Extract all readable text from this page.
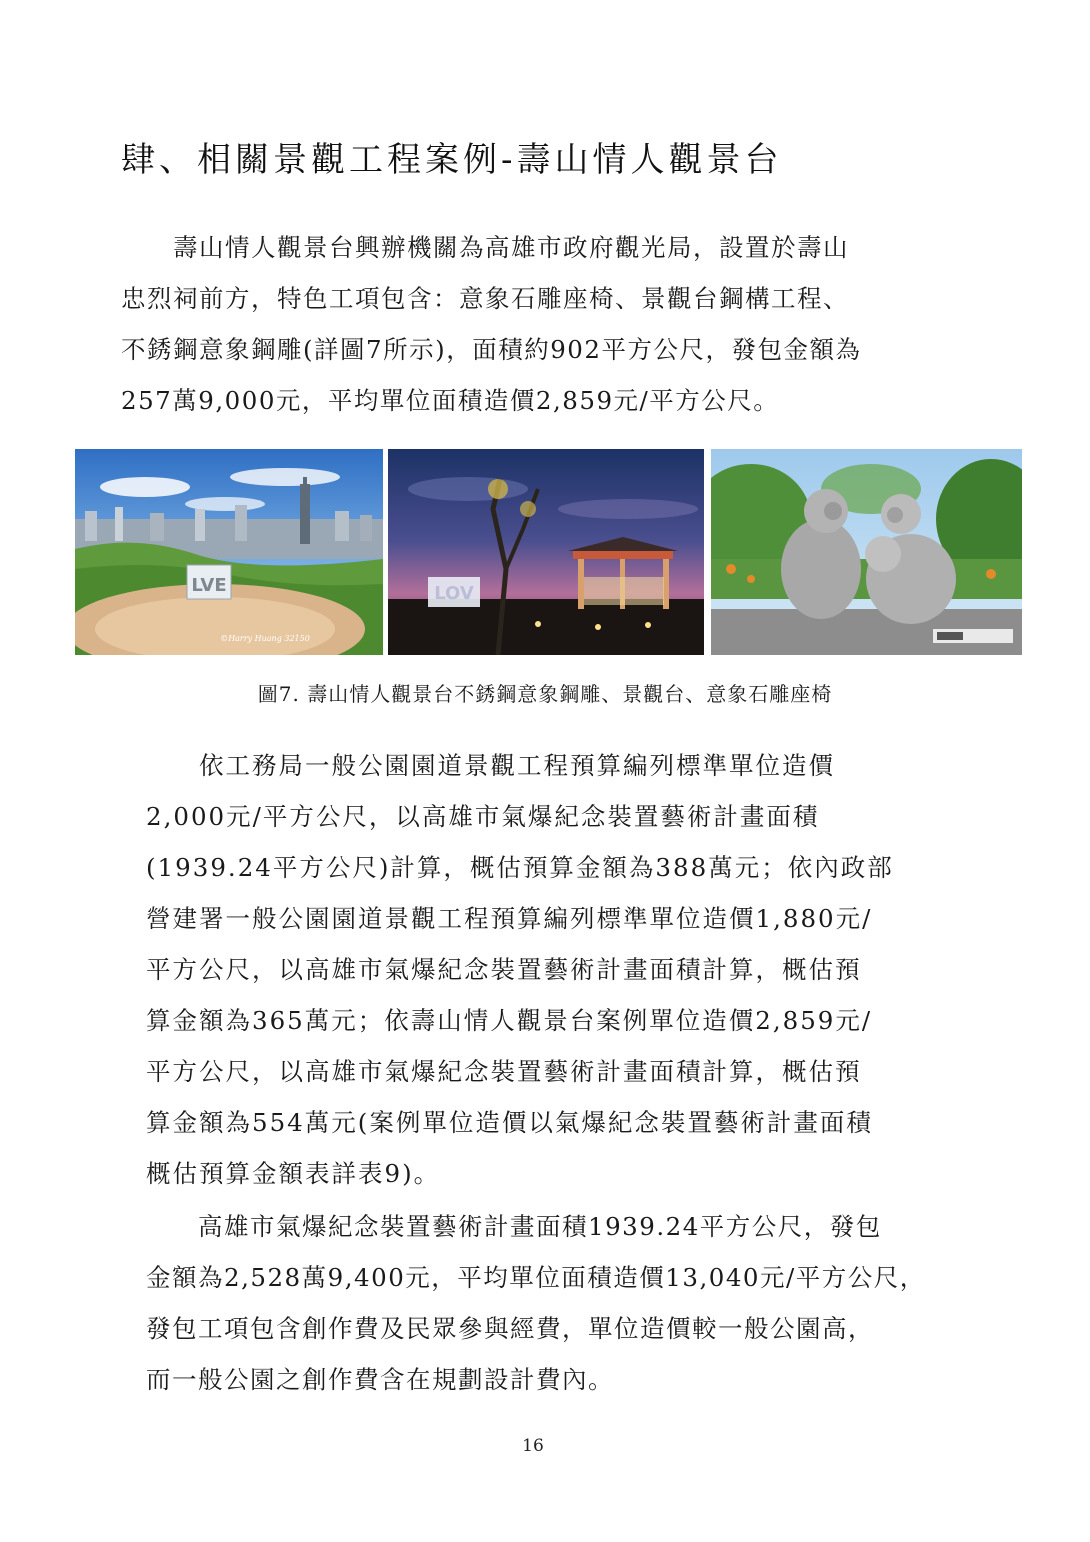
肆、相關景觀工程案例-壽山情人觀景台
　　壽山情人觀景台興辦機關為高雄市政府觀光局，設置於壽山
忠烈祠前方，特色工項包含：意象石雕座椅、景觀台鋼構工程、
不銹鋼意象鋼雕(詳圖7所示)，面積約902平方公尺，發包金額為
257萬9,000元，平均單位面積造價2,859元/平方公尺。
LVE
©Harry Huang 32150
LOV
圖7. 壽山情人觀景台不銹鋼意象鋼雕、景觀台、意象石雕座椅
　　依工務局一般公園園道景觀工程預算編列標準單位造價
2,000元/平方公尺，以高雄市氣爆紀念裝置藝術計畫面積
(1939.24平方公尺)計算，概估預算金額為388萬元；依內政部
營建署一般公園園道景觀工程預算編列標準單位造價1,880元/
平方公尺，以高雄市氣爆紀念裝置藝術計畫面積計算，概估預
算金額為365萬元；依壽山情人觀景台案例單位造價2,859元/
平方公尺，以高雄市氣爆紀念裝置藝術計畫面積計算，概估預
算金額為554萬元(案例單位造價以氣爆紀念裝置藝術計畫面積
概估預算金額表詳表9)。
　　高雄市氣爆紀念裝置藝術計畫面積1939.24平方公尺，發包
金額為2,528萬9,400元，平均單位面積造價13,040元/平方公尺，
發包工項包含創作費及民眾參與經費，單位造價較一般公園高，
而一般公園之創作費含在規劃設計費內。
16
